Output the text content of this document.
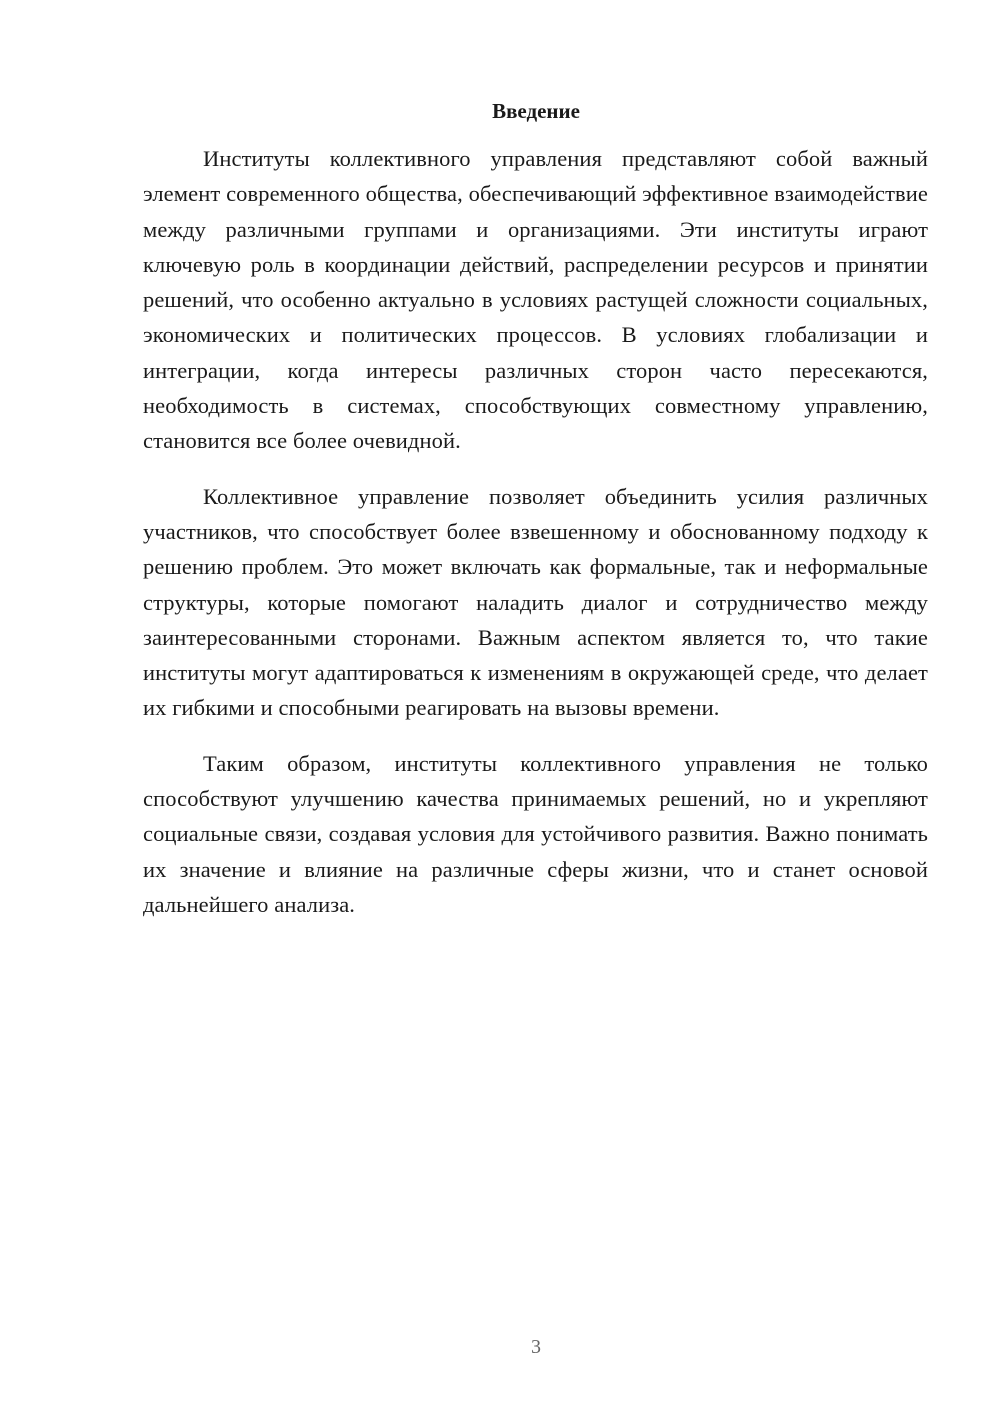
Введение

Институты коллективного управления представляют собой важный элемент современного общества, обеспечивающий эффективное взаимодействие между различными группами и организациями. Эти институты играют ключевую роль в координации действий, распределении ресурсов и принятии решений, что особенно актуально в условиях растущей сложности социальных, экономических и политических процессов. В условиях глобализации и интеграции, когда интересы различных сторон часто пересекаются, необходимость в системах, способствующих совместному управлению, становится все более очевидной.

Коллективное управление позволяет объединить усилия различных участников, что способствует более взвешенному и обоснованному подходу к решению проблем. Это может включать как формальные, так и неформальные структуры, которые помогают наладить диалог и сотрудничество между заинтересованными сторонами. Важным аспектом является то, что такие институты могут адаптироваться к изменениям в окружающей среде, что делает их гибкими и способными реагировать на вызовы времени.

Таким образом, институты коллективного управления не только способствуют улучшению качества принимаемых решений, но и укрепляют социальные связи, создавая условия для устойчивого развития. Важно понимать их значение и влияние на различные сферы жизни, что и станет основой дальнейшего анализа.

3
